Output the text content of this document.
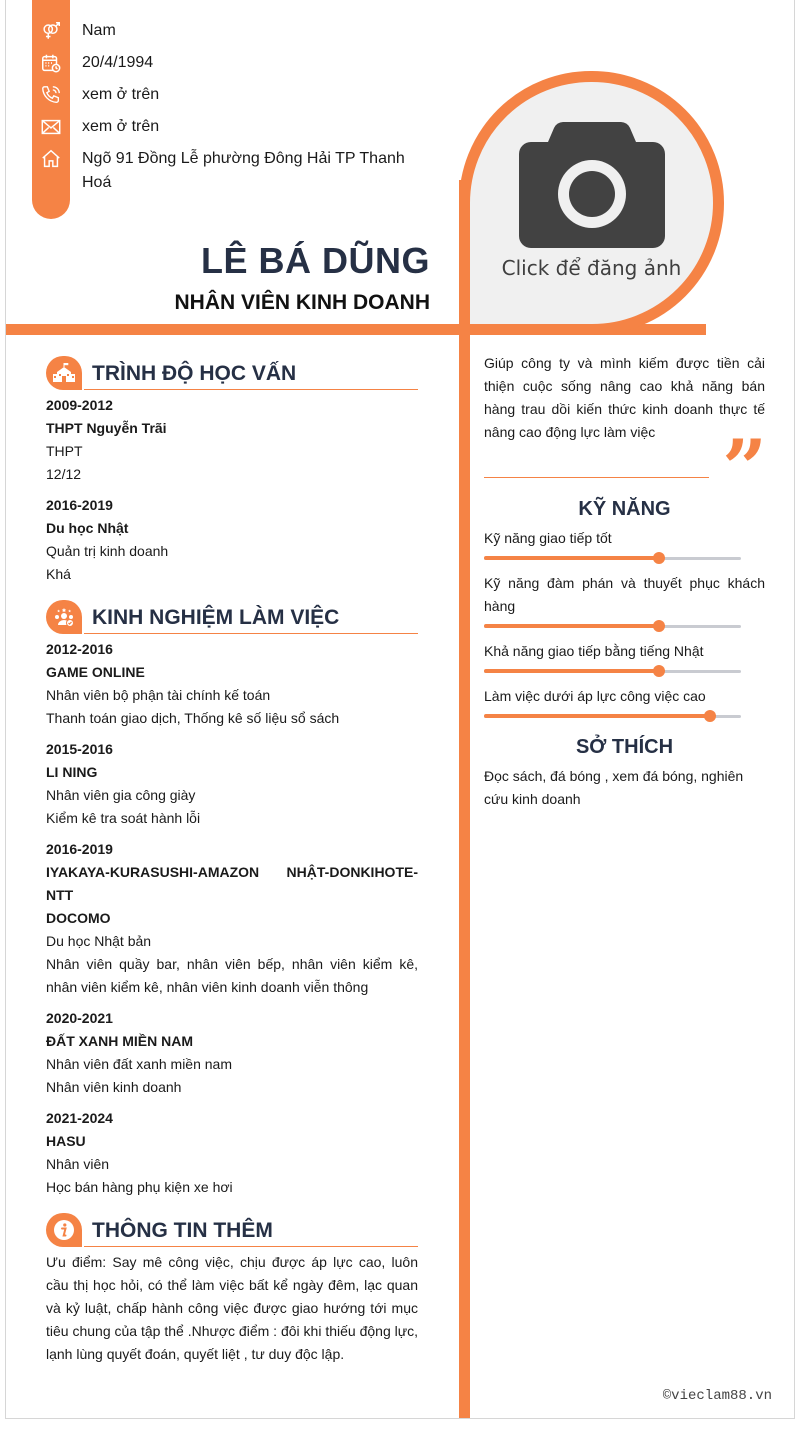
Nam
20/4/1994
xem ở trên
xem ở trên
Ngõ 91 Đồng Lễ phường Đông Hải TP Thanh Hoá
LÊ BÁ DŨNG
NHÂN VIÊN KINH DOANH
Click để đăng ảnh
TRÌNH ĐỘ HỌC VẤN
2009-2012
THPT Nguyễn Trãi
THPT
12/12
2016-2019
Du học Nhật
Quản trị kinh doanh
Khá
KINH NGHIỆM LÀM VIỆC
2012-2016
GAME ONLINE
Nhân viên bộ phận tài chính kế toán
Thanh toán giao dịch, Thống kê số liệu sổ sách
2015-2016
LI NING
Nhân viên gia công giày
Kiểm kê tra soát hành lỗi
2016-2019
IYAKAYA-KURASUSHI-AMAZON NHẬT-DONKIHOTE-NTT
DOCOMO
Du học Nhật bản
Nhân viên quầy bar, nhân viên bếp, nhân viên kiểm kê, nhân viên kiểm kê, nhân viên kinh doanh viễn thông
2020-2021
ĐẤT XANH MIỀN NAM
Nhân viên đất xanh miền nam
Nhân viên kinh doanh
2021-2024
HASU
Nhân viên
Học bán hàng phụ kiện xe hơi
THÔNG TIN THÊM
Ưu điểm: Say mê công việc, chịu được áp lực cao, luôn cầu thị học hỏi, có thể làm việc bất kể ngày đêm, lạc quan và kỷ luật, chấp hành công việc được giao hướng tới mục tiêu chung của tập thể .Nhược điểm : đôi khi thiếu động lực, lạnh lùng quyết đoán, quyết liệt , tư duy độc lập.
Giúp công ty và mình kiếm được tiền cải thiện cuộc sống nâng cao khả năng bán hàng trau dồi kiến thức kinh doanh thực tế nâng cao động lực làm việc ”
KỸ NĂNG
Kỹ năng giao tiếp tốt
Kỹ năng đàm phán và thuyết phục khách hàng
Khả năng giao tiếp bằng tiếng Nhật
Làm việc dưới áp lực công việc cao
SỞ THÍCH
Đọc sách, đá bóng , xem đá bóng, nghiên cứu kinh doanh
©vieclam88.vn
